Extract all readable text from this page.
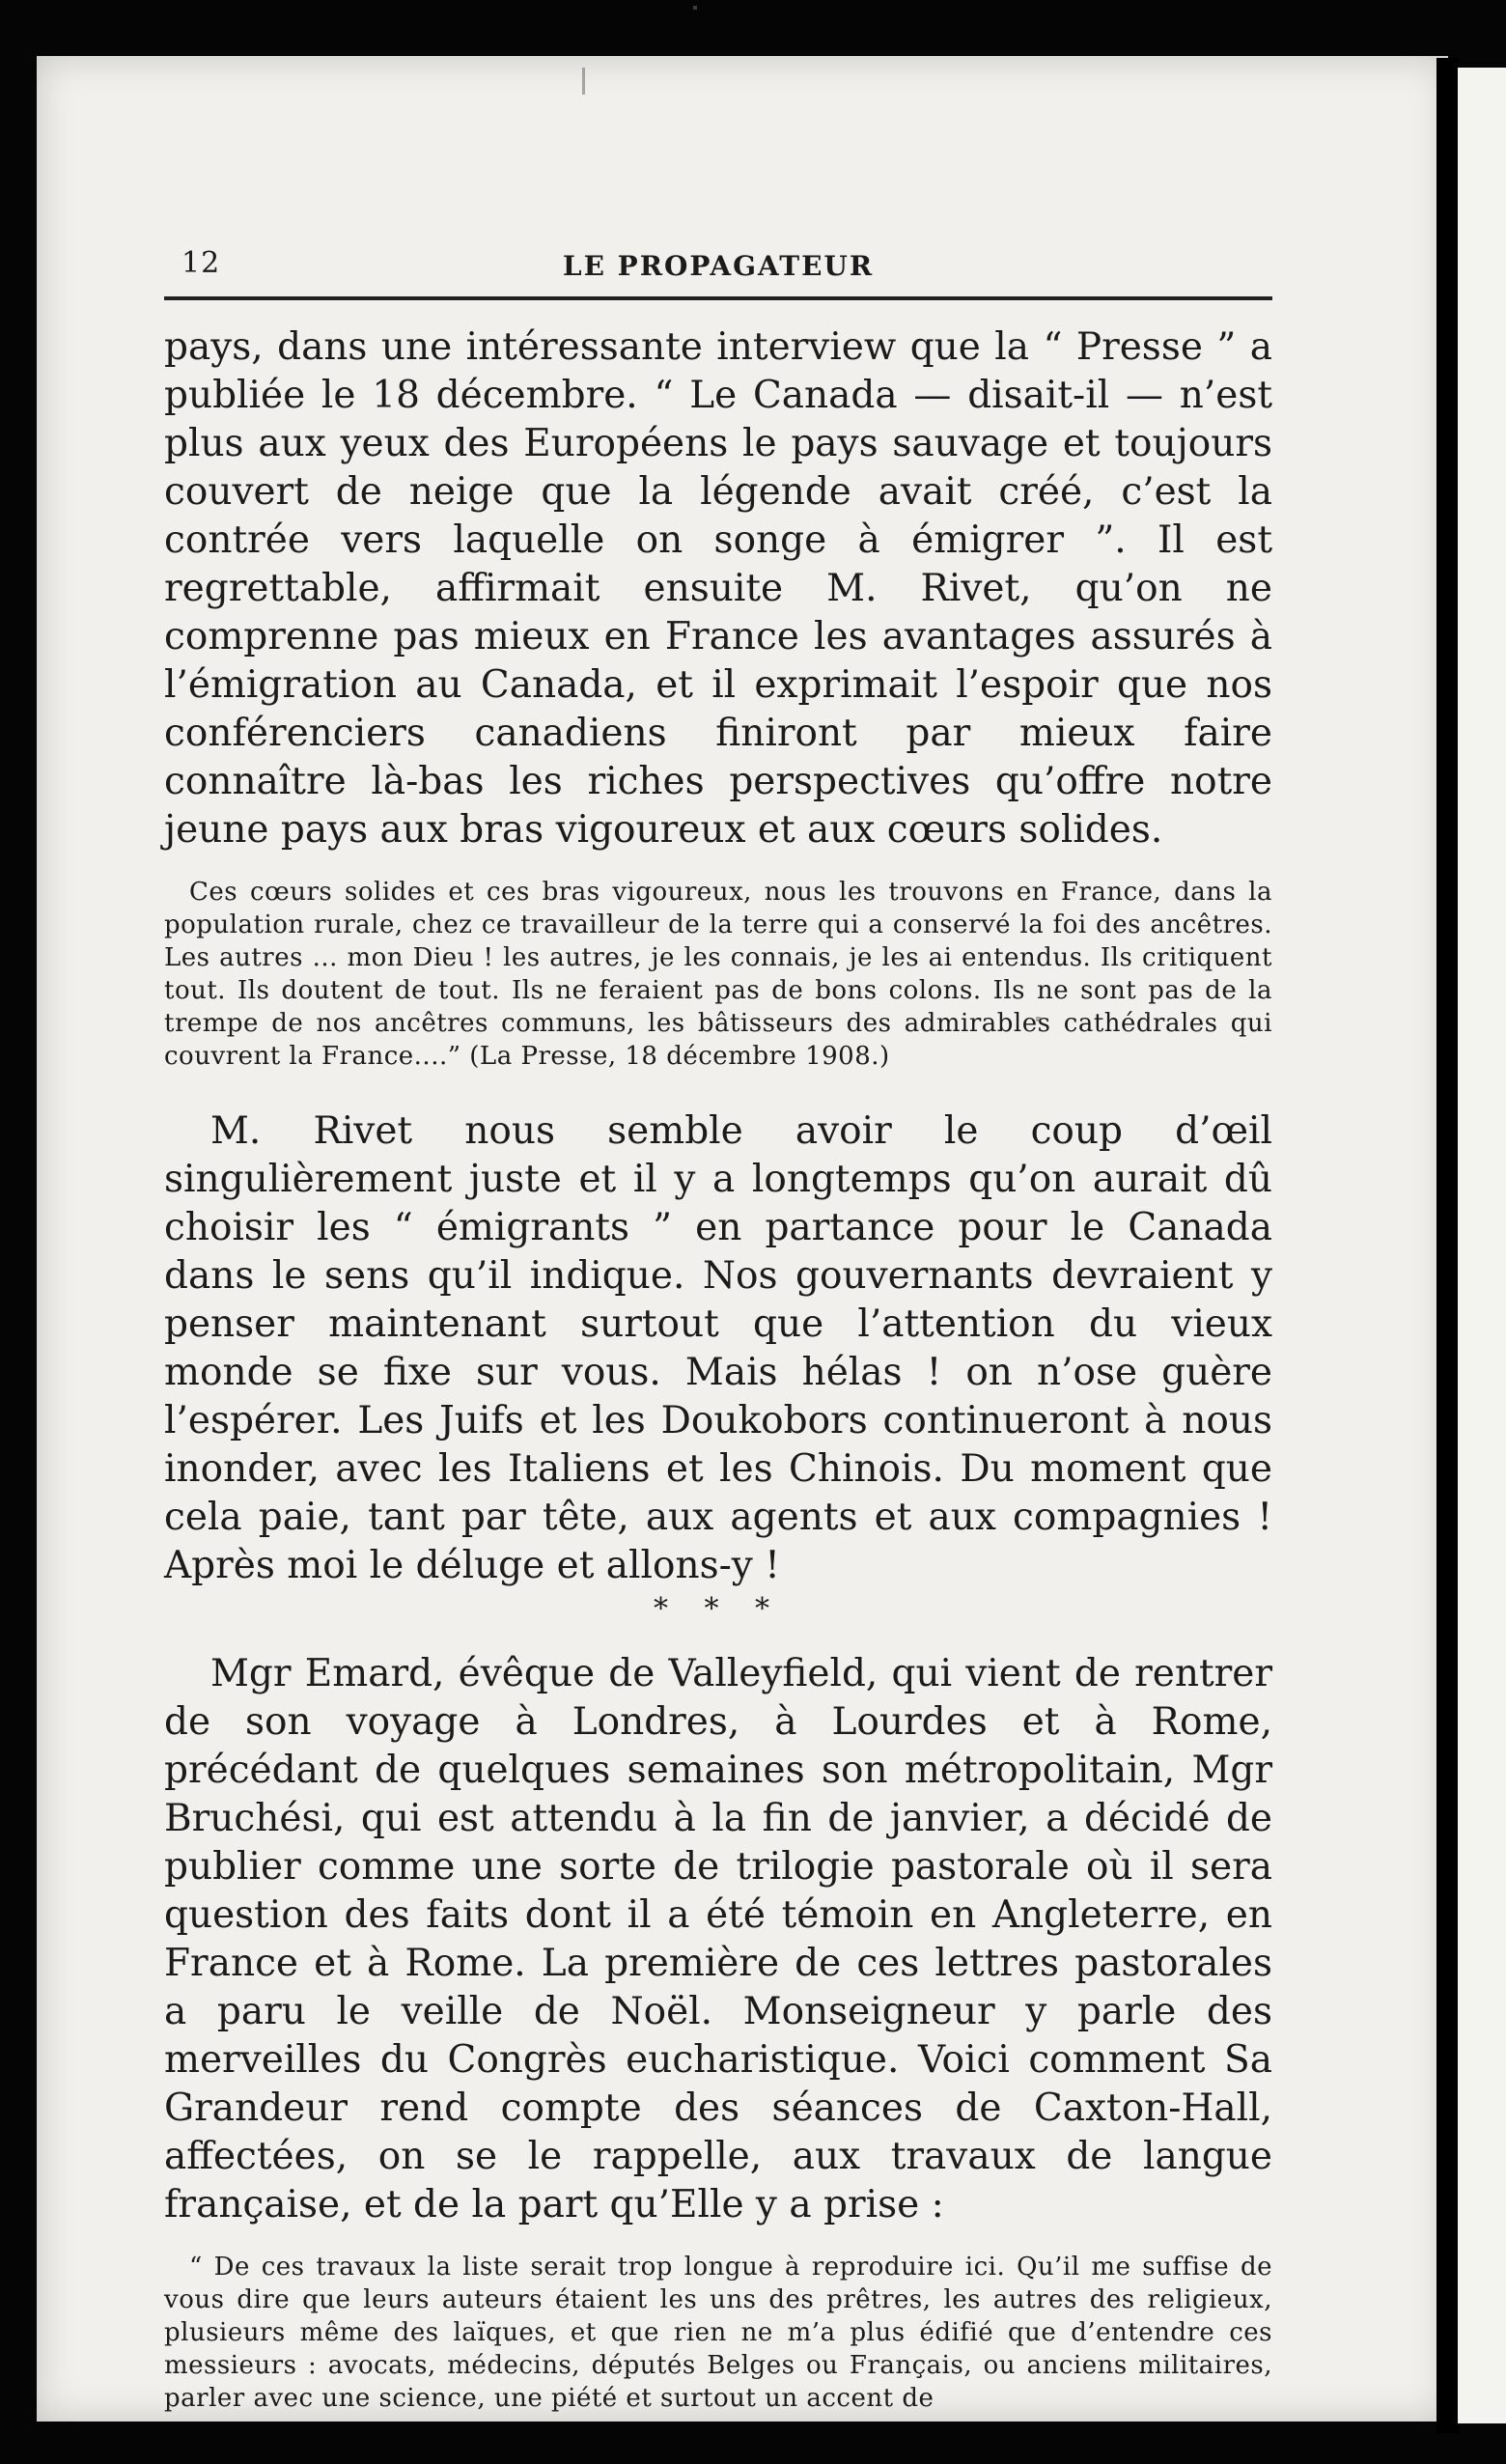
12	LE PROPAGATEUR

pays, dans une intéressante interview que la “ Presse ” a publiée le 18 décembre. “ Le Canada — disait-il — n’est plus aux yeux des Européens le pays sauvage et toujours couvert de neige que la légende avait créé, c’est la contrée vers laquelle on songe à émigrer ”. Il est regrettable, affirmait ensuite M. Rivet, qu’on ne comprenne pas mieux en France les avantages assurés à l’émigration au Canada, et il exprimait l’espoir que nos conférenciers canadiens finiront par mieux faire connaître là-bas les riches perspectives qu’offre notre jeune pays aux bras vigoureux et aux cœurs solides.

Ces cœurs solides et ces bras vigoureux, nous les trouvons en France, dans la population rurale, chez ce travailleur de la terre qui a conservé la foi des ancêtres. Les autres ... mon Dieu ! les autres, je les connais, je les ai entendus. Ils critiquent tout. Ils doutent de tout. Ils ne feraient pas de bons colons. Ils ne sont pas de la trempe de nos ancêtres communs, les bâtisseurs des admirables cathédrales qui couvrent la France....” (La Presse, 18 décembre 1908.)

M. Rivet nous semble avoir le coup d’œil singulièrement juste et il y a longtemps qu’on aurait dû choisir les “ émigrants ” en partance pour le Canada dans le sens qu’il indique. Nos gouvernants devraient y penser maintenant surtout que l’attention du vieux monde se fixe sur vous. Mais hélas ! on n’ose guère l’espérer. Les Juifs et les Doukobors continueront à nous inonder, avec les Italiens et les Chinois. Du moment que cela paie, tant par tête, aux agents et aux compagnies ! Après moi le déluge et allons-y !

* * *

Mgr Emard, évêque de Valleyfield, qui vient de rentrer de son voyage à Londres, à Lourdes et à Rome, précédant de quelques semaines son métropolitain, Mgr Bruchési, qui est attendu à la fin de janvier, a décidé de publier comme une sorte de trilogie pastorale où il sera question des faits dont il a été témoin en Angleterre, en France et à Rome. La première de ces lettres pastorales a paru le veille de Noël. Monseigneur y parle des merveilles du Congrès eucharistique. Voici comment Sa Grandeur rend compte des séances de Caxton-Hall, affectées, on se le rappelle, aux travaux de langue française, et de la part qu’Elle y a prise :

“ De ces travaux la liste serait trop longue à reproduire ici. Qu’il me suffise de vous dire que leurs auteurs étaient les uns des prêtres, les autres des religieux, plusieurs même des laïques, et que rien ne m’a plus édifié que d’entendre ces messieurs : avocats, médecins, députés Belges ou Français, ou anciens militaires, parler avec une science, une piété et surtout un accent de
